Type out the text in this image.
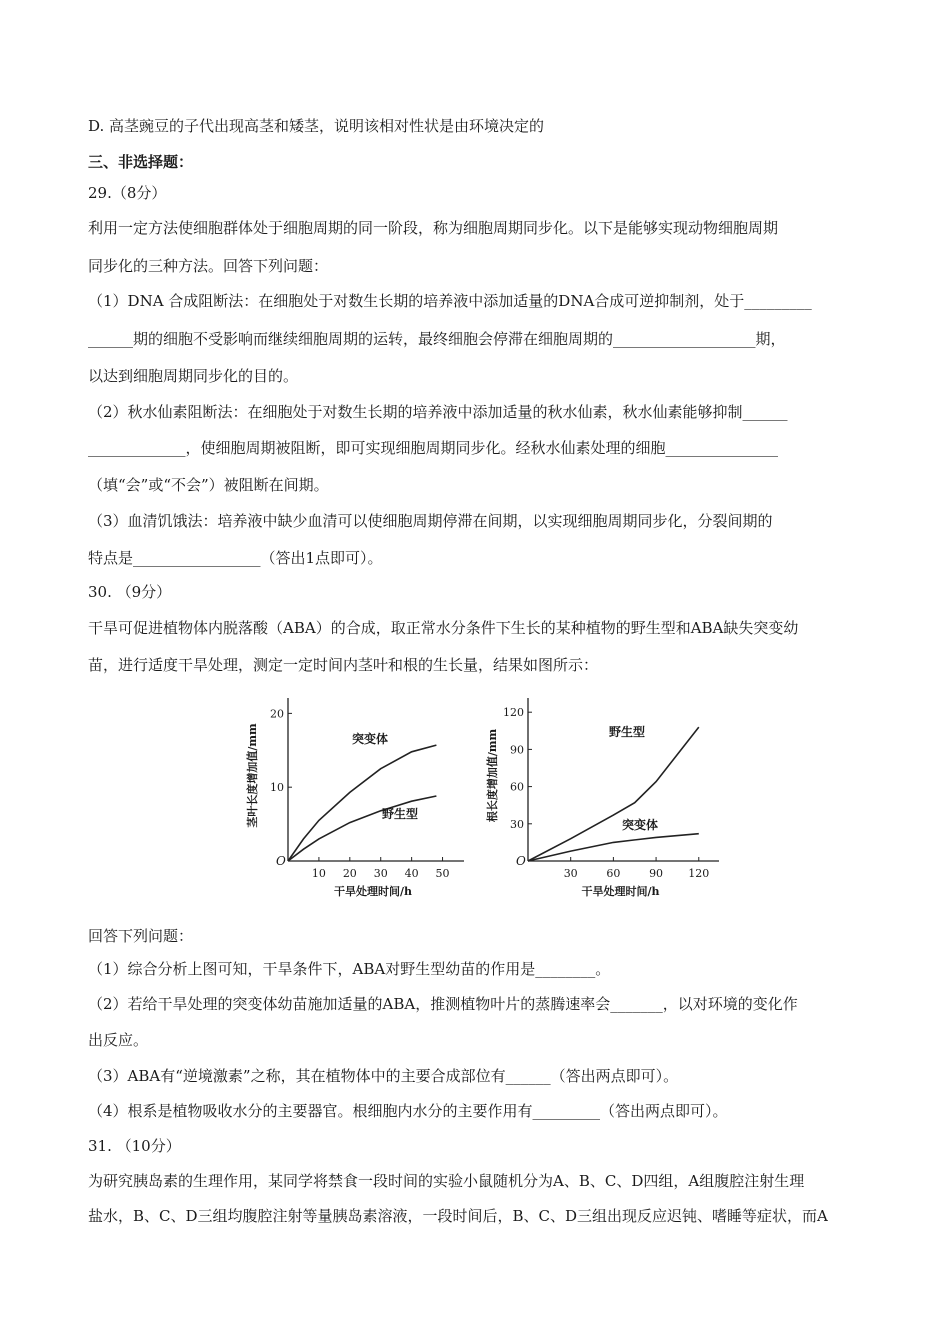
D. 高茎豌豆的子代出现高茎和矮茎，说明该相对性状是由环境决定的
三、非选择题：
29.（8分）
利用一定方法使细胞群体处于细胞周期的同一阶段，称为细胞周期同步化。以下是能够实现动物细胞周期
同步化的三种方法。回答下列问题：
（1）DNA 合成阻断法：在细胞处于对数生长期的培养液中添加适量的DNA合成可逆抑制剂，处于_________
______期的细胞不受影响而继续细胞周期的运转，最终细胞会停滞在细胞周期的___________________期，
以达到细胞周期同步化的目的。
（2）秋水仙素阻断法：在细胞处于对数生长期的培养液中添加适量的秋水仙素，秋水仙素能够抑制______
_____________，使细胞周期被阻断，即可实现细胞周期同步化。经秋水仙素处理的细胞_______________
（填“会”或“不会”）被阻断在间期。
（3）血清饥饿法：培养液中缺少血清可以使细胞周期停滞在间期，以实现细胞周期同步化，分裂间期的
特点是_________________（答出1点即可）。
30. （9分）
干旱可促进植物体内脱落酸（ABA）的合成，取正常水分条件下生长的某种植物的野生型和ABA缺失突变幼
苗，进行适度干旱处理，测定一定时间内茎叶和根的生长量，结果如图所示：
O
10 20 30 40 50
10
20
干旱处理时间/h
茎叶长度增加值/mm	突变体
野生型
O
30	60	90 120
30
60
90
120
干旱处理时间/h
根长度增加值/mm	野生型
突变体
回答下列问题：
（1）综合分析上图可知，干旱条件下，ABA对野生型幼苗的作用是________。
（2）若给干旱处理的突变体幼苗施加适量的ABA，推测植物叶片的蒸腾速率会_______，以对环境的变化作
出反应。
（3）ABA有“逆境激素”之称，其在植物体中的主要合成部位有______（答出两点即可）。
（4）根系是植物吸收水分的主要器官。根细胞内水分的主要作用有_________（答出两点即可）。
31. （10分）
为研究胰岛素的生理作用，某同学将禁食一段时间的实验小鼠随机分为A、B、C、D四组，A组腹腔注射生理
盐水，B、C、D三组均腹腔注射等量胰岛素溶液，一段时间后，B、C、D三组出现反应迟钝、嗜睡等症状，而A
